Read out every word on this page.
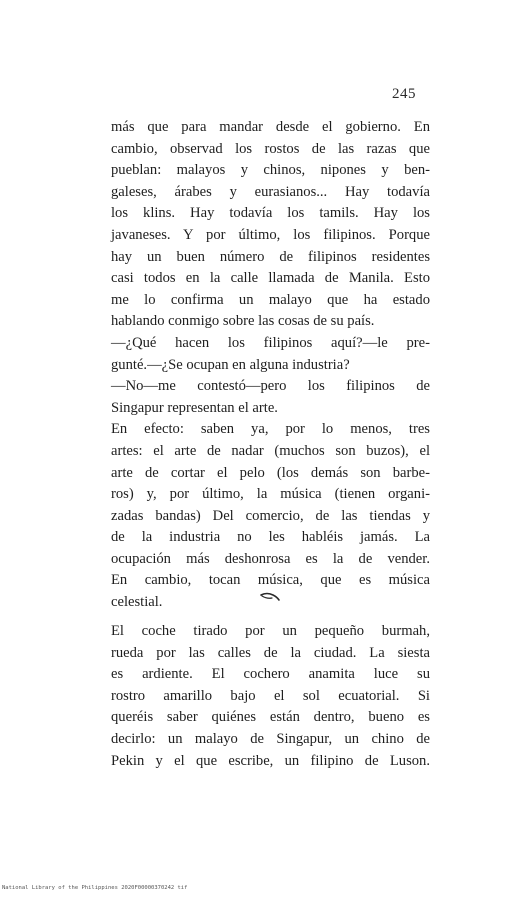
245
más que para mandar desde el gobierno. En
cambio, observad los rostos de las razas que
pueblan: malayos y chinos, nipones y ben-
galeses, árabes y eurasianos... Hay todavía
los klins. Hay todavía los tamils. Hay los
javaneses. Y por último, los filipinos. Porque
hay un buen número de filipinos residentes
casi todos en la calle llamada de Manila. Esto
me lo confirma un malayo que ha estado
hablando conmigo sobre las cosas de su país.
—¿Qué hacen los filipinos aquí?—le pre-
gunté.—¿Se ocupan en alguna industria?
—No—me contestó—pero los filipinos de
Singapur representan el arte.
En efecto: saben ya, por lo menos, tres
artes: el arte de nadar (muchos son buzos), el
arte de cortar el pelo (los demás son barbe-
ros) y, por último, la música (tienen organi-
zadas bandas) Del comercio, de las tiendas y
de la industria no les habléis jamás. La
ocupación más deshonrosa es la de vender.
En cambio, tocan música, que es música
celestial.
El coche tirado por un pequeño burmah,
rueda por las calles de la ciudad. La siesta
es ardiente. El cochero anamita luce su
rostro amarillo bajo el sol ecuatorial. Si
queréis saber quiénes están dentro, bueno es
decirlo: un malayo de Singapur, un chino de
Pekin y el que escribe, un filipino de Luson.
National Library of the Philippines 2020F00000370242 tif
